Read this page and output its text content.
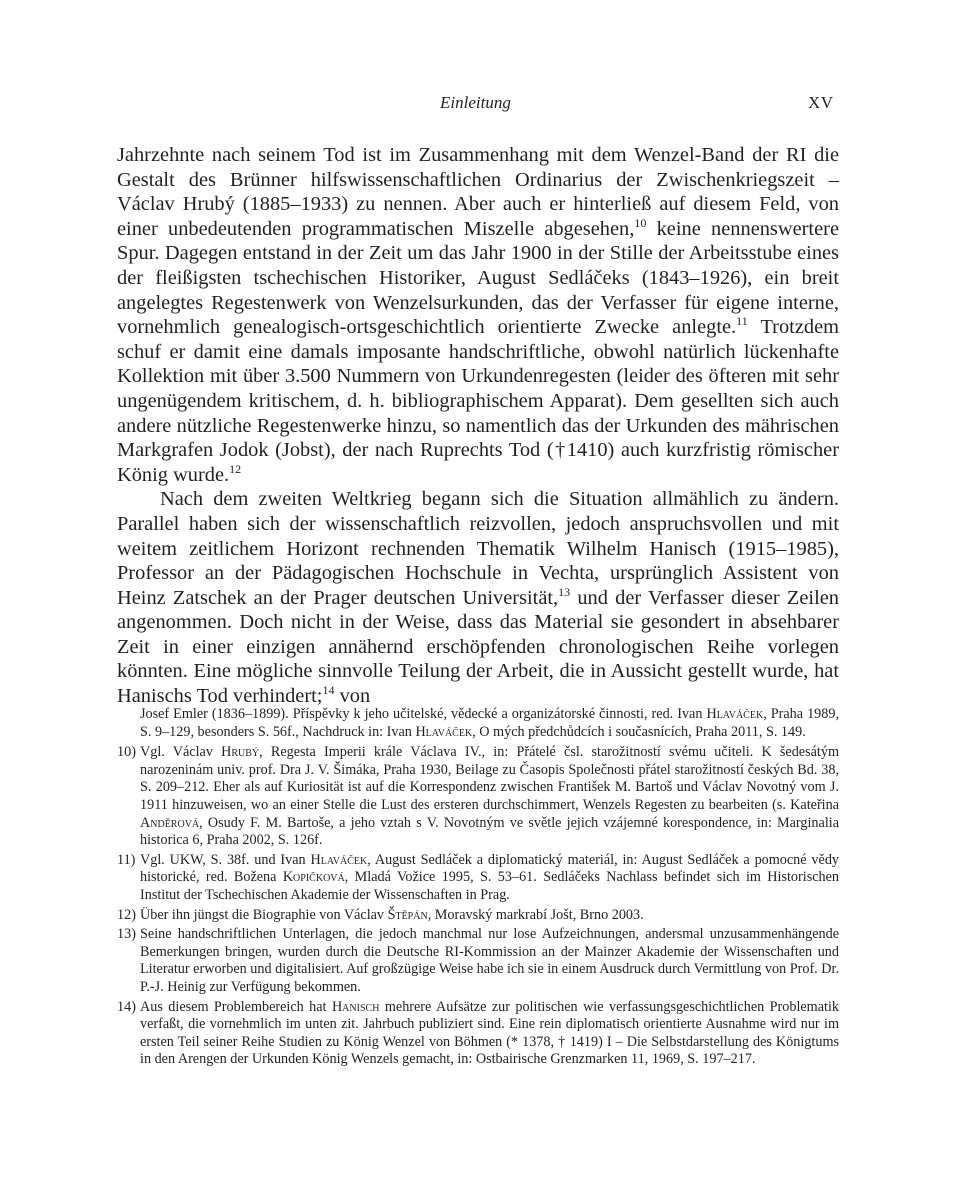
Einleitung	XV

Jahrzehnte nach seinem Tod ist im Zusammenhang mit dem Wenzel-Band der RI die Gestalt des Brünner hilfswissenschaftlichen Ordinarius der Zwischenkriegszeit – Václav Hrubý (1885–1933) zu nennen. Aber auch er hinterließ auf diesem Feld, von einer unbedeutenden programmatischen Miszelle abgesehen,$^{10}$ keine nennenswertere Spur. Dagegen entstand in der Zeit um das Jahr 1900 in der Stille der Arbeitsstube eines der fleißigsten tschechischen Historiker, August Sedláčeks (1843–1926), ein breit angelegtes Regestenwerk von Wenzelsurkunden, das der Verfasser für eigene interne, vornehmlich genealogisch-ortsgeschichtlich orientierte Zwecke anlegte.$^{11}$ Trotzdem schuf er damit eine damals imposante handschriftliche, obwohl natürlich lückenhafte Kollektion mit über 3.500 Nummern von Urkundenregesten (leider des öfteren mit sehr ungenügendem kritischem, d. h. bibliographischem Apparat). Dem gesellten sich auch andere nützliche Regestenwerke hinzu, so namentlich das der Urkunden des mährischen Markgrafen Jodok (Jobst), der nach Ruprechts Tod (†1410) auch kurzfristig römischer König wurde.$^{12}$

Nach dem zweiten Weltkrieg begann sich die Situation allmählich zu ändern. Parallel haben sich der wissenschaftlich reizvollen, jedoch anspruchsvollen und mit weitem zeitlichem Horizont rechnenden Thematik Wilhelm Hanisch (1915–1985), Professor an der Pädagogischen Hochschule in Vechta, ursprünglich Assistent von Heinz Zatschek an der Prager deutschen Universität,$^{13}$ und der Verfasser dieser Zeilen angenommen. Doch nicht in der Weise, dass das Material sie gesondert in absehbarer Zeit in einer einzigen annähernd erschöpfenden chronologischen Reihe vorlegen könnten. Eine mögliche sinnvolle Teilung der Arbeit, die in Aussicht gestellt wurde, hat Hanischs Tod verhindert;$^{14}$ von

Josef Emler (1836–1899). Příspěvky k jeho učitelské, vědecké a organizátorské činnosti, red. Ivan Hlaváček, Praha 1989, S. 9–129, besonders S. 56f., Nachdruck in: Ivan Hlaváček, O mých předchůdcích i současnících, Praha 2011, S. 149.

10) Vgl. Václav Hrubý, Regesta Imperii krále Václava IV., in: Přátelé čsl. starožitností svému učiteli. K šedesátým narozeninám univ. prof. Dra J. V. Šimáka, Praha 1930, Beilage zu Časopis Společnosti přátel starožitností českých Bd. 38, S. 209–212. Eher als auf Kuriosität ist auf die Korrespondenz zwischen František M. Bartoš und Václav Novotný vom J. 1911 hinzuweisen, wo an einer Stelle die Lust des ersteren durchschimmert, Wenzels Regesten zu bearbeiten (s. Kateřina Anděrová, Osudy F. M. Bartoše, a jeho vztah s V. Novotným ve světle jejich vzájemné korespondence, in: Marginalia historica 6, Praha 2002, S. 126f.

11) Vgl. UKW, S. 38f. und Ivan Hlaváček, August Sedláček a diplomatický materiál, in: August Sedláček a pomocné vědy historické, red. Božena Kopičková, Mladá Vožice 1995, S. 53–61. Sedláčeks Nachlass befindet sich im Historischen Institut der Tschechischen Akademie der Wissenschaften in Prag.

12) Über ihn jüngst die Biographie von Václav Štěpán, Moravský markrabí Jošt, Brno 2003.

13) Seine handschriftlichen Unterlagen, die jedoch manchmal nur lose Aufzeichnungen, andersmal unzusammenhängende Bemerkungen bringen, wurden durch die Deutsche RI-Kommission an der Mainzer Akademie der Wissenschaften und Literatur erworben und digitalisiert. Auf großzügige Weise habe ich sie in einem Ausdruck durch Vermittlung von Prof. Dr. P.-J. Heinig zur Verfügung bekommen.

14) Aus diesem Problembereich hat Hanisch mehrere Aufsätze zur politischen wie verfassungsgeschichtlichen Problematik verfaßt, die vornehmlich im unten zit. Jahrbuch publiziert sind. Eine rein diplomatisch orientierte Ausnahme wird nur im ersten Teil seiner Reihe Studien zu König Wenzel von Böhmen (* 1378, † 1419) I – Die Selbstdarstellung des Königtums in den Arengen der Urkunden König Wenzels gemacht, in: Ostbairische Grenzmarken 11, 1969, S. 197–217.
